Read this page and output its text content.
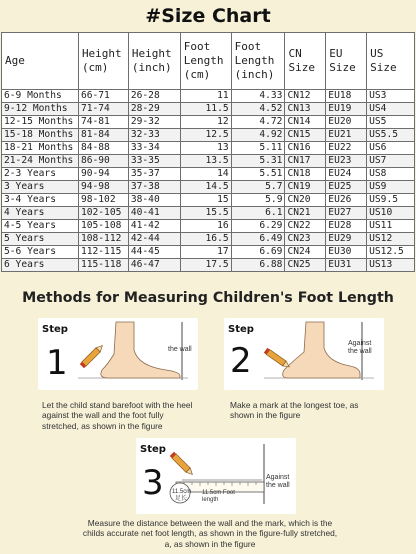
#Size Chart
Age	Height (cm)	Height (inch)	Foot Length (cm)	Foot Length (inch)	CN Size	EU Size	US Size
6-9 Months	66-71	26-28	11	4.33	CN12	EU18	US3
9-12 Months	71-74	28-29	11.5	4.52	CN13	EU19	US4
12-15 Months	74-81	29-32	12	4.72	CN14	EU20	US5
15-18 Months	81-84	32-33	12.5	4.92	CN15	EU21	US5.5
18-21 Months	84-88	33-34	13	5.11	CN16	EU22	US6
21-24 Months	86-90	33-35	13.5	5.31	CN17	EU23	US7
2-3 Years	90-94	35-37	14	5.51	CN18	EU24	US8
3 Years	94-98	37-38	14.5	5.7	CN19	EU25	US9
3-4 Years	98-102	38-40	15	5.9	CN20	EU26	US9.5
4 Years	102-105	40-41	15.5	6.1	CN21	EU27	US10
4-5 Years	105-108	41-42	16	6.29	CN22	EU28	US11
5 Years	108-112	42-44	16.5	6.49	CN23	EU29	US12
5-6 Years	112-115	44-45	17	6.69	CN24	EU30	US12.5
6 Years	115-118	46-47	17.5	6.88	CN25	EU31	US13
Methods for Measuring Children's Foot Length
Step
1	the wall
Let the child stand barefoot with the heel against the wall and the foot fully stretched, as shown in the figure
Step
2	Against the wall
Make a mark at the longest toe, as shown in the figure
Step
3 11.5cm 足长
11.5cm Foot length
Against the wall
Measure the distance between the wall and the mark, which is the childs accurate net foot length, as shown in the figure-fully stretched, a, as shown in the figure
